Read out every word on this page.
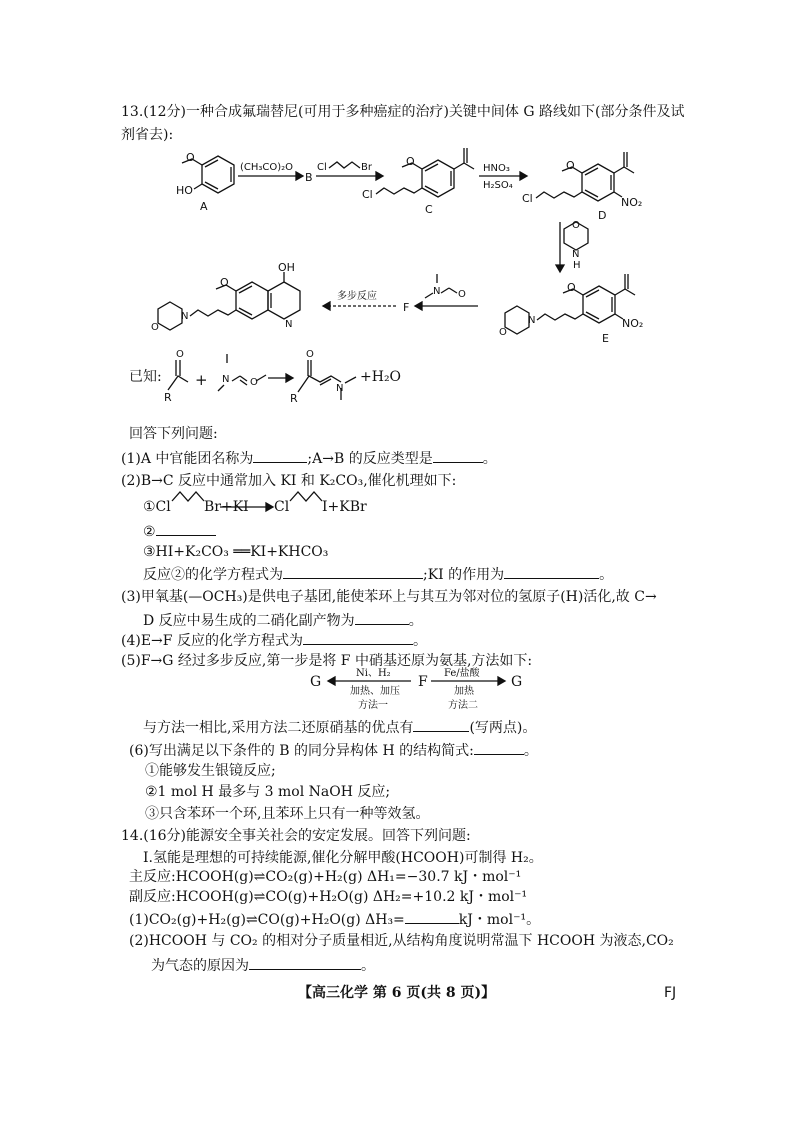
13.(12分)一种合成氟瑞替尼(可用于多种癌症的治疗)关键中间体 G 路线如下(部分条件及试
剂省去):
O
HO
A
(CH₃CO)₂O
B
Cl	Br	O
Cl
C
HNO₃
H₂SO₄
O
Cl	NO₂
D
O
N
H
O
N
O
NO₂
E
N O
F
多步反应
OH
O
N
N
O
O
R
+ N O
O
R
N
已知:	+H₂O
回答下列问题:
(1)A 中官能团名称为	;A→B 的反应类型是	。
(2)B→C 反应中通常加入 KI 和 K₂CO₃,催化机理如下:
①Cl Br+KI Cl I+KBr
②
③HI+K₂CO₃ ══KI+KHCO₃
反应②的化学方程式为	;KI 的作用为	。
(3)甲氧基(—OCH₃)是供电子基团,能使苯环上与其互为邻对位的氢原子(H)活化,故 C→
D 反应中易生成的二硝化副产物为	。
(4)E→F 反应的化学方程式为	。
(5)F→G 经过多步反应,第一步是将 F 中硝基还原为氨基,方法如下:
G
Ni、H₂
加热、加压
方法一
F
Fe/盐酸
加热
方法二
G
与方法一相比,采用方法二还原硝基的优点有	(写两点)。
(6)写出满足以下条件的 B 的同分异构体 H 的结构简式:	。
①能够发生银镜反应;
②1 mol H 最多与 3 mol NaOH 反应;
③只含苯环一个环,且苯环上只有一种等效氢。
14.(16分)能源安全事关社会的安定发展。回答下列问题:
Ⅰ.氢能是理想的可持续能源,催化分解甲酸(HCOOH)可制得 H₂。
主反应:HCOOH(g)⇌CO₂(g)+H₂(g) ΔH₁=−30.7 kJ・mol⁻¹
副反应:HCOOH(g)⇌CO(g)+H₂O(g) ΔH₂=+10.2 kJ・mol⁻¹
(1)CO₂(g)+H₂(g)⇌CO(g)+H₂O(g) ΔH₃=	kJ・mol⁻¹。
(2)HCOOH 与 CO₂ 的相对分子质量相近,从结构角度说明常温下 HCOOH 为液态,CO₂
为气态的原因为	。
【高三化学 第 6 页(共 8 页)】	FJ
